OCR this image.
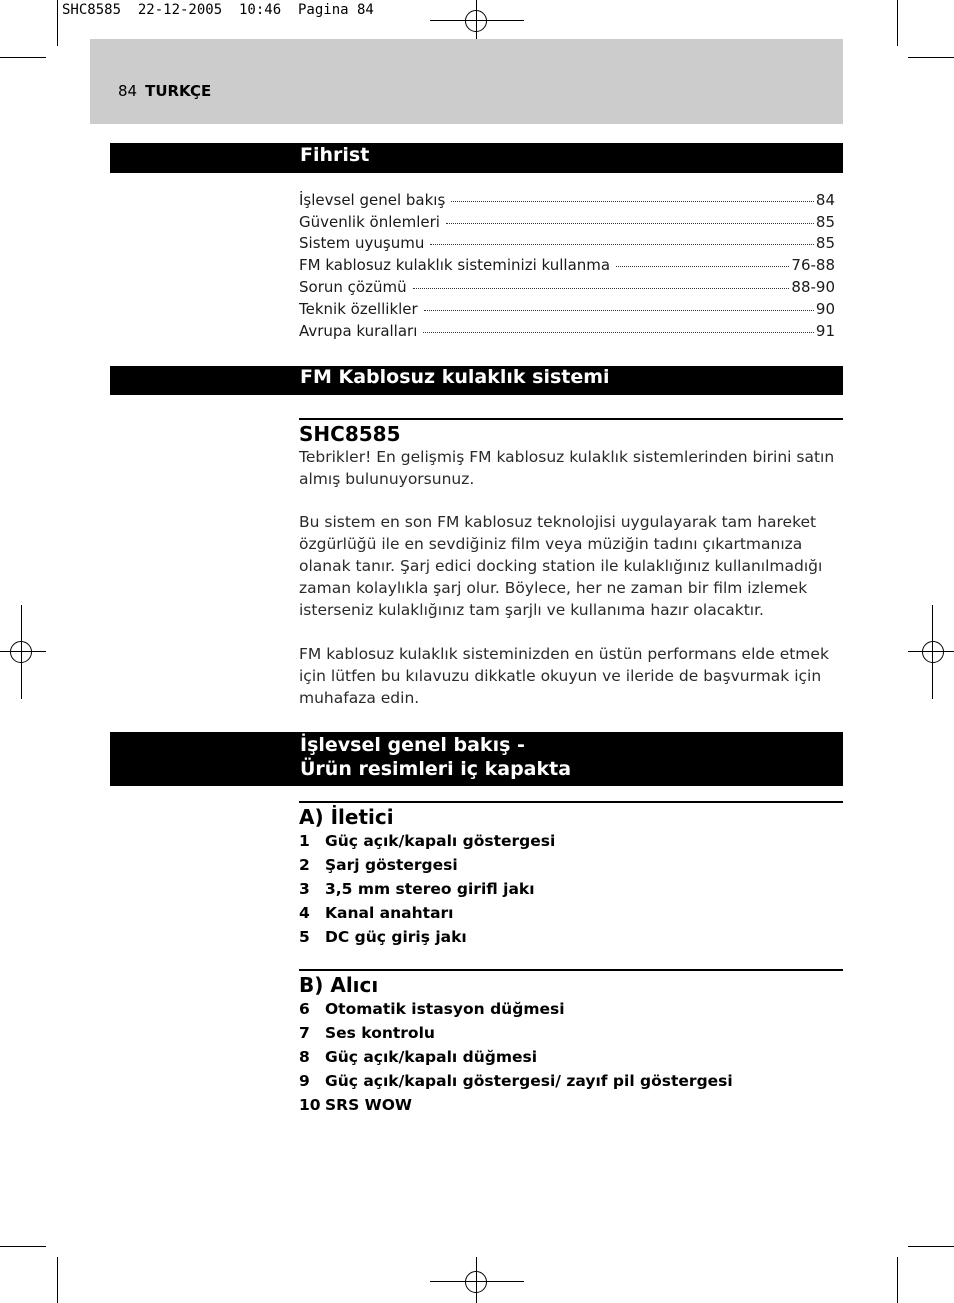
SHC8585  22-12-2005  10:46  Pagina 84
84 TURKÇE
Fihrist
İşlevsel genel bakış	84
Güvenlik önlemleri	85
Sistem uyuşumu	85
FM kablosuz kulaklık sisteminizi kullanma	76-88
Sorun çözümü	88-90
Teknik özellikler	90
Avrupa kuralları	91
FM Kablosuz kulaklık sistemi
SHC8585

Tebrikler! En gelişmiş FM kablosuz kulaklık sistemlerinden birini satın almış bulunuyorsunuz.

Bu sistem en son FM kablosuz teknolojisi uygulayarak tam hareket özgürlüğü ile en sevdiğiniz film veya müziğin tadını çıkartmanıza olanak tanır. Şarj edici docking station ile kulaklığınız kullanılmadığı zaman kolaylıkla şarj olur. Böylece, her ne zaman bir film izlemek isterseniz kulaklığınız tam şarjlı ve kullanıma hazır olacaktır.

FM kablosuz kulaklık sisteminizden en üstün performans elde etmek için lütfen bu kılavuzu dikkatle okuyun ve ileride de başvurmak için muhafaza edin.

İşlevsel genel bakış -
Ürün resimleri iç kapakta
A) İletici
1 Güç açık/kapalı göstergesi
2 Şarj göstergesi
3 3,5 mm stereo girifl jakı
4 Kanal anahtarı
5 DC güç giriş jakı
B) Alıcı
6 Otomatik istasyon düğmesi
7 Ses kontrolu
8 Güç açık/kapalı düğmesi
9 Güç açık/kapalı göstergesi/ zayıf pil göstergesi
10 SRS WOW
